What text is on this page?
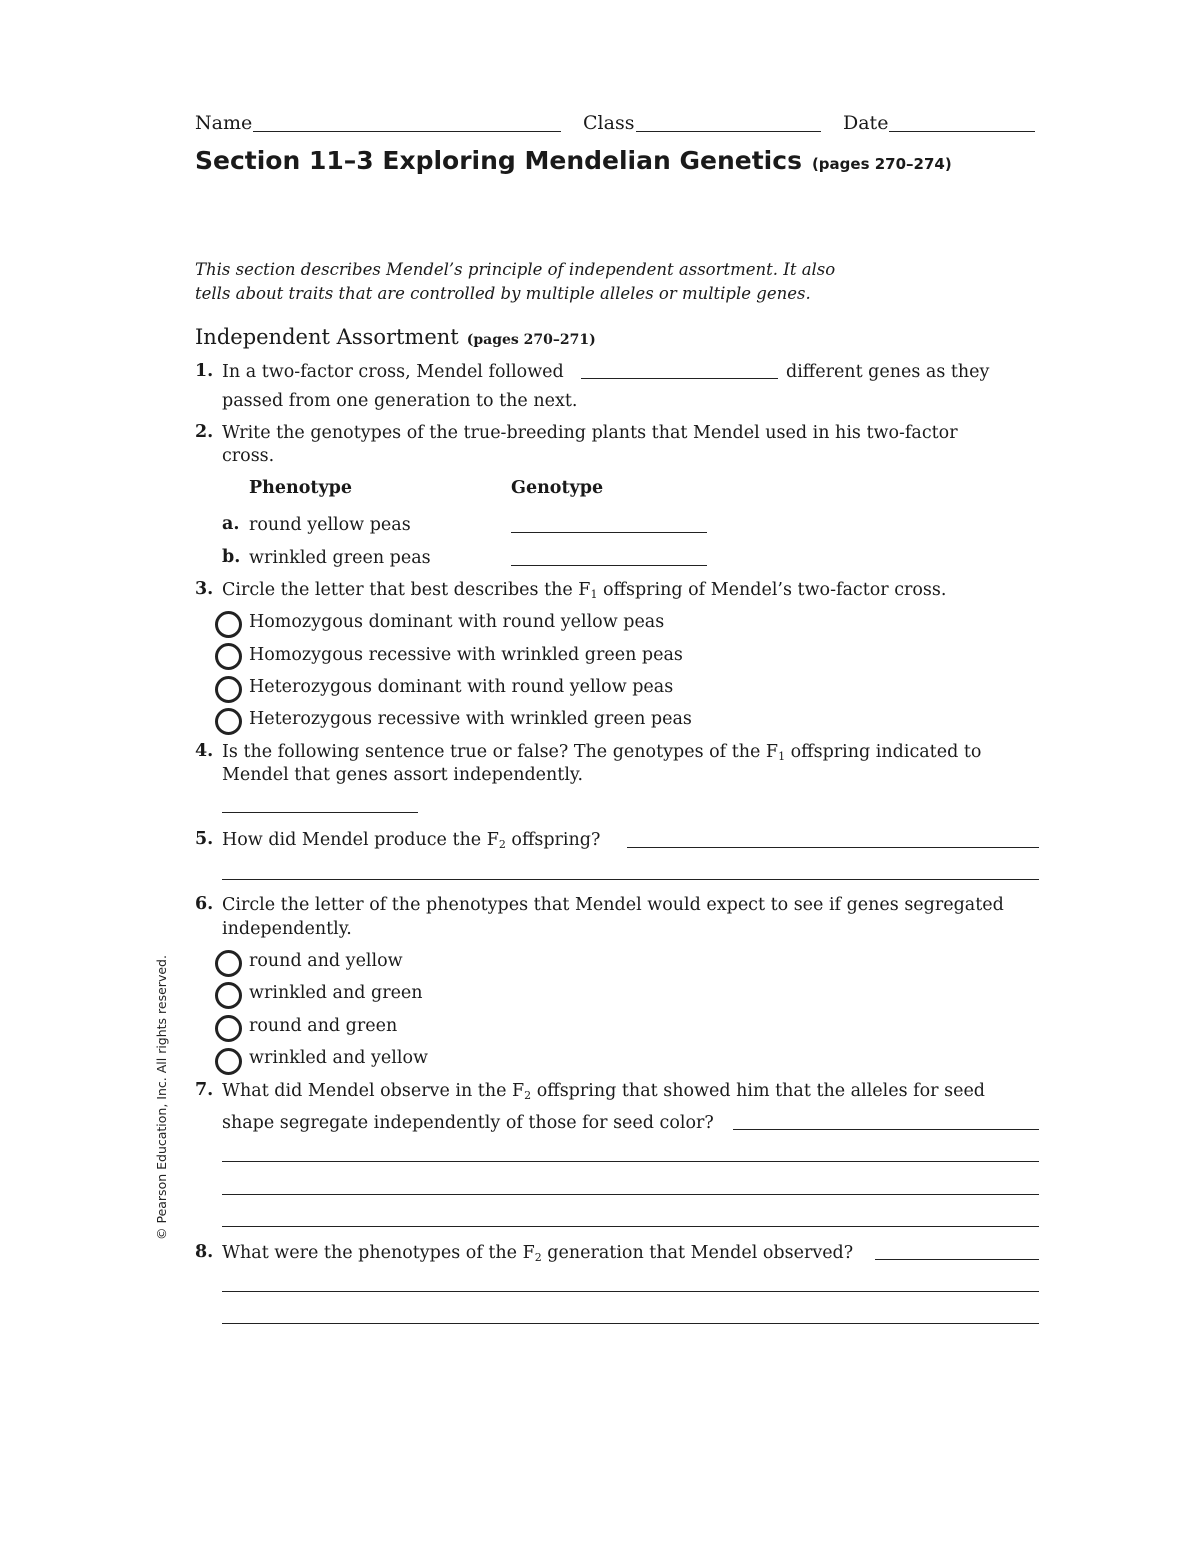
Name	Class	Date
Section 11–3 Exploring Mendelian Genetics (pages 270–274)
This section describes Mendel’s principle of independent assortment. It also
tells about traits that are controlled by multiple alleles or multiple genes.
Independent Assortment (pages 270–271)
1. In a two-factor cross, Mendel followed	different genes as they
passed from one generation to the next.
2. Write the genotypes of the true-breeding plants that Mendel used in his two-factor
cross.
Phenotype	Genotype
a. round yellow peas
b. wrinkled green peas
3. Circle the letter that best describes the $F_1$ offspring of Mendel’s two-factor cross.
Homozygous dominant with round yellow peas
Homozygous recessive with wrinkled green peas
Heterozygous dominant with round yellow peas
Heterozygous recessive with wrinkled green peas
4. Is the following sentence true or false? The genotypes of the $F_1$ offspring indicated to
Mendel that genes assort independently.
5. How did Mendel produce the $F_2$ offspring?
6. Circle the letter of the phenotypes that Mendel would expect to see if genes segregated
independently.
round and yellow
wrinkled and green
round and green
wrinkled and yellow
7. What did Mendel observe in the $F_2$ offspring that showed him that the alleles for seed
shape segregate independently of those for seed color?
8. What were the phenotypes of the $F_2$ generation that Mendel observed?
© Pearson Education, Inc. All rights reserved.
